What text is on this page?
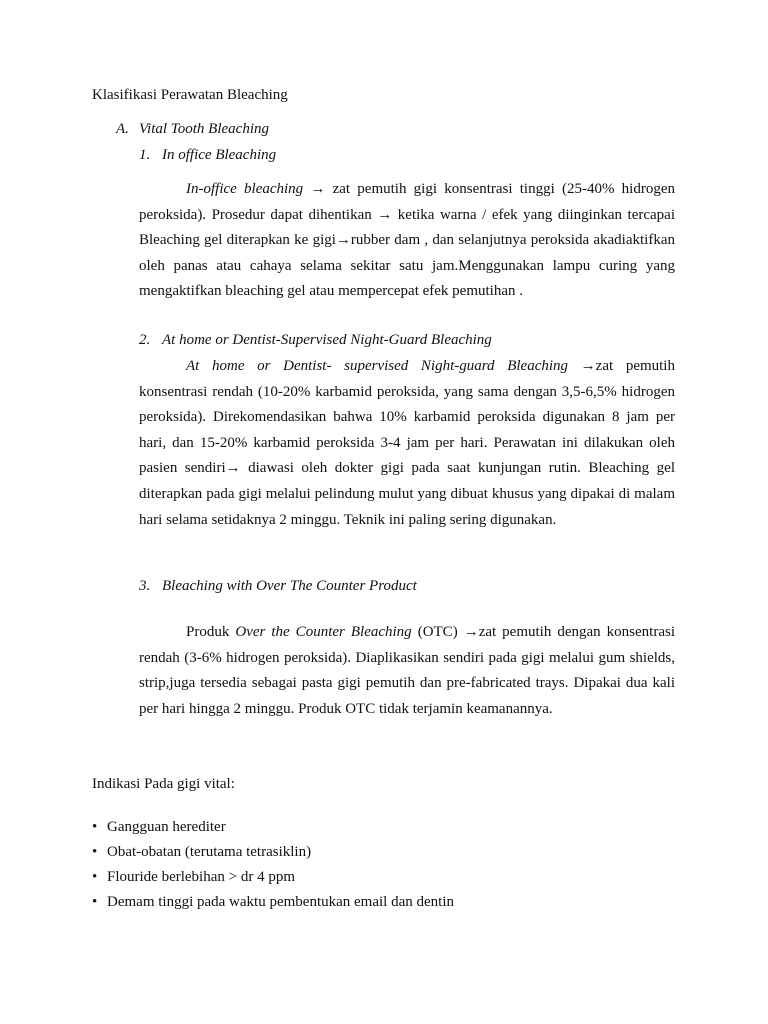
Klasifikasi Perawatan Bleaching
A. Vital Tooth Bleaching
1. In office Bleaching
In-office bleaching → zat pemutih gigi konsentrasi tinggi (25-40% hidrogen peroksida). Prosedur dapat dihentikan → ketika warna / efek yang diinginkan tercapai Bleaching gel diterapkan ke gigi→rubber dam , dan selanjutnya peroksida akadiaktifkan oleh panas atau cahaya selama sekitar satu jam.Menggunakan lampu curing yang mengaktifkan bleaching gel atau mempercepat efek pemutihan .
2. At home or Dentist-Supervised Night-Guard Bleaching
At home or Dentist- supervised Night-guard Bleaching →zat pemutih konsentrasi rendah (10-20% karbamid peroksida, yang sama dengan 3,5-6,5% hidrogen peroksida). Direkomendasikan bahwa 10% karbamid peroksida digunakan 8 jam per hari, dan 15-20% karbamid peroksida 3-4 jam per hari. Perawatan ini dilakukan oleh pasien sendiri→ diawasi oleh dokter gigi pada saat kunjungan rutin. Bleaching gel diterapkan pada gigi melalui pelindung mulut yang dibuat khusus yang dipakai di malam hari selama setidaknya 2 minggu. Teknik ini paling sering digunakan.
3. Bleaching with Over The Counter Product
Produk Over the Counter Bleaching (OTC) →zat pemutih dengan konsentrasi rendah (3-6% hidrogen peroksida). Diaplikasikan sendiri pada gigi melalui gum shields, strip,juga tersedia sebagai pasta gigi pemutih dan pre-fabricated trays. Dipakai dua kali per hari hingga 2 minggu. Produk OTC tidak terjamin keamanannya.
Indikasi Pada gigi vital:
• Gangguan herediter
• Obat-obatan (terutama tetrasiklin)
• Flouride berlebihan > dr 4 ppm
• Demam tinggi pada waktu pembentukan email dan dentin
